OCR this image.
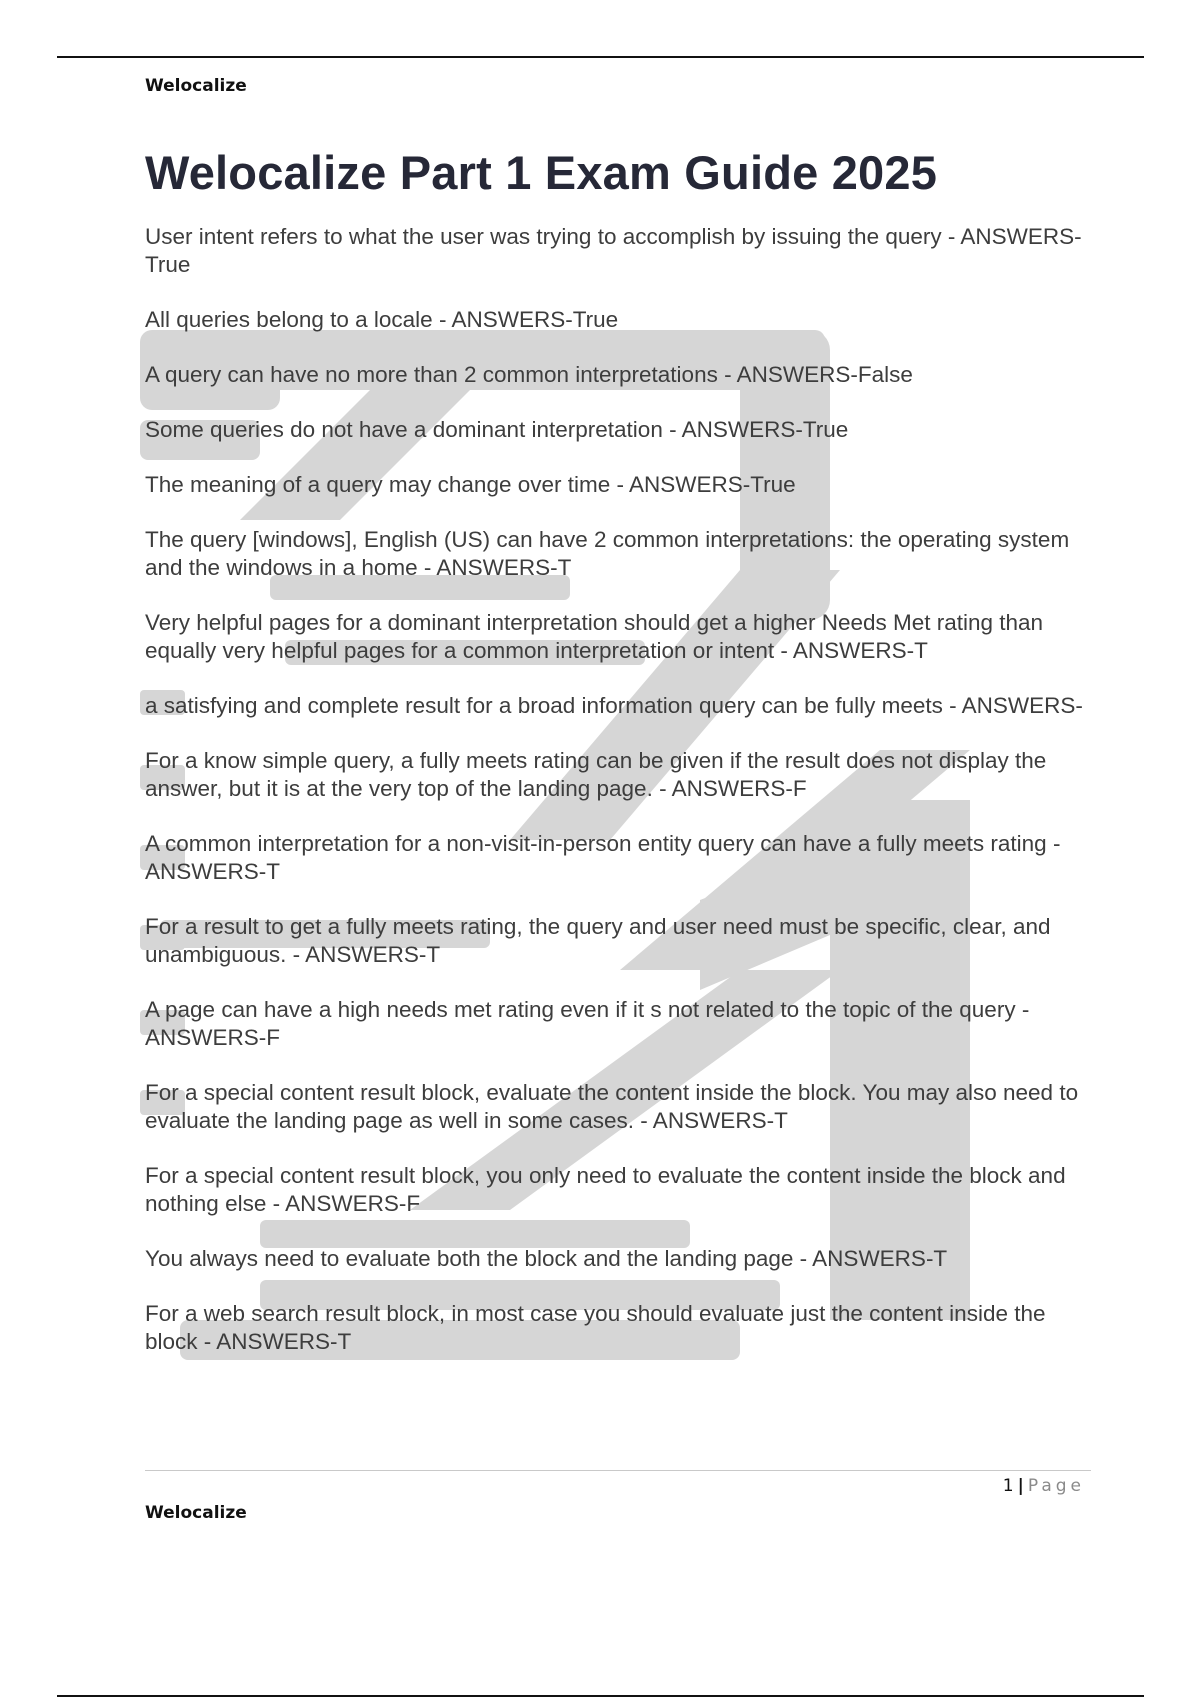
Welocalize
Welocalize Part 1 Exam Guide 2025
User intent refers to what the user was trying to accomplish by issuing the query - ANSWERS-True
All queries belong to a locale - ANSWERS-True
A query can have no more than 2 common interpretations - ANSWERS-False
Some queries do not have a dominant interpretation - ANSWERS-True
The meaning of a query may change over time - ANSWERS-True
The query [windows], English (US) can have 2 common interpretations: the operating system and the windows in a home - ANSWERS-T
Very helpful pages for a dominant interpretation should get a higher Needs Met rating than equally very helpful pages for a common interpretation or intent - ANSWERS-T
a satisfying and complete result for a broad information query can be fully meets - ANSWERS-
For a know simple query, a fully meets rating can be given if the result does not display the answer, but it is at the very top of the landing page. - ANSWERS-F
A common interpretation for a non-visit-in-person entity query can have a fully meets rating - ANSWERS-T
For a result to get a fully meets rating, the query and user need must be specific, clear, and unambiguous. - ANSWERS-T
A page can have a high needs met rating even if it s not related to the topic of the query - ANSWERS-F
For a special content result block, evaluate the content inside the block. You may also need to evaluate the landing page as well in some cases. - ANSWERS-T
For a special content result block, you only need to evaluate the content inside the block and nothing else - ANSWERS-F
You always need to evaluate both the block and the landing page - ANSWERS-T
For a web search result block, in most case you should evaluate just the content inside the block - ANSWERS-T
1 | Page
Welocalize
